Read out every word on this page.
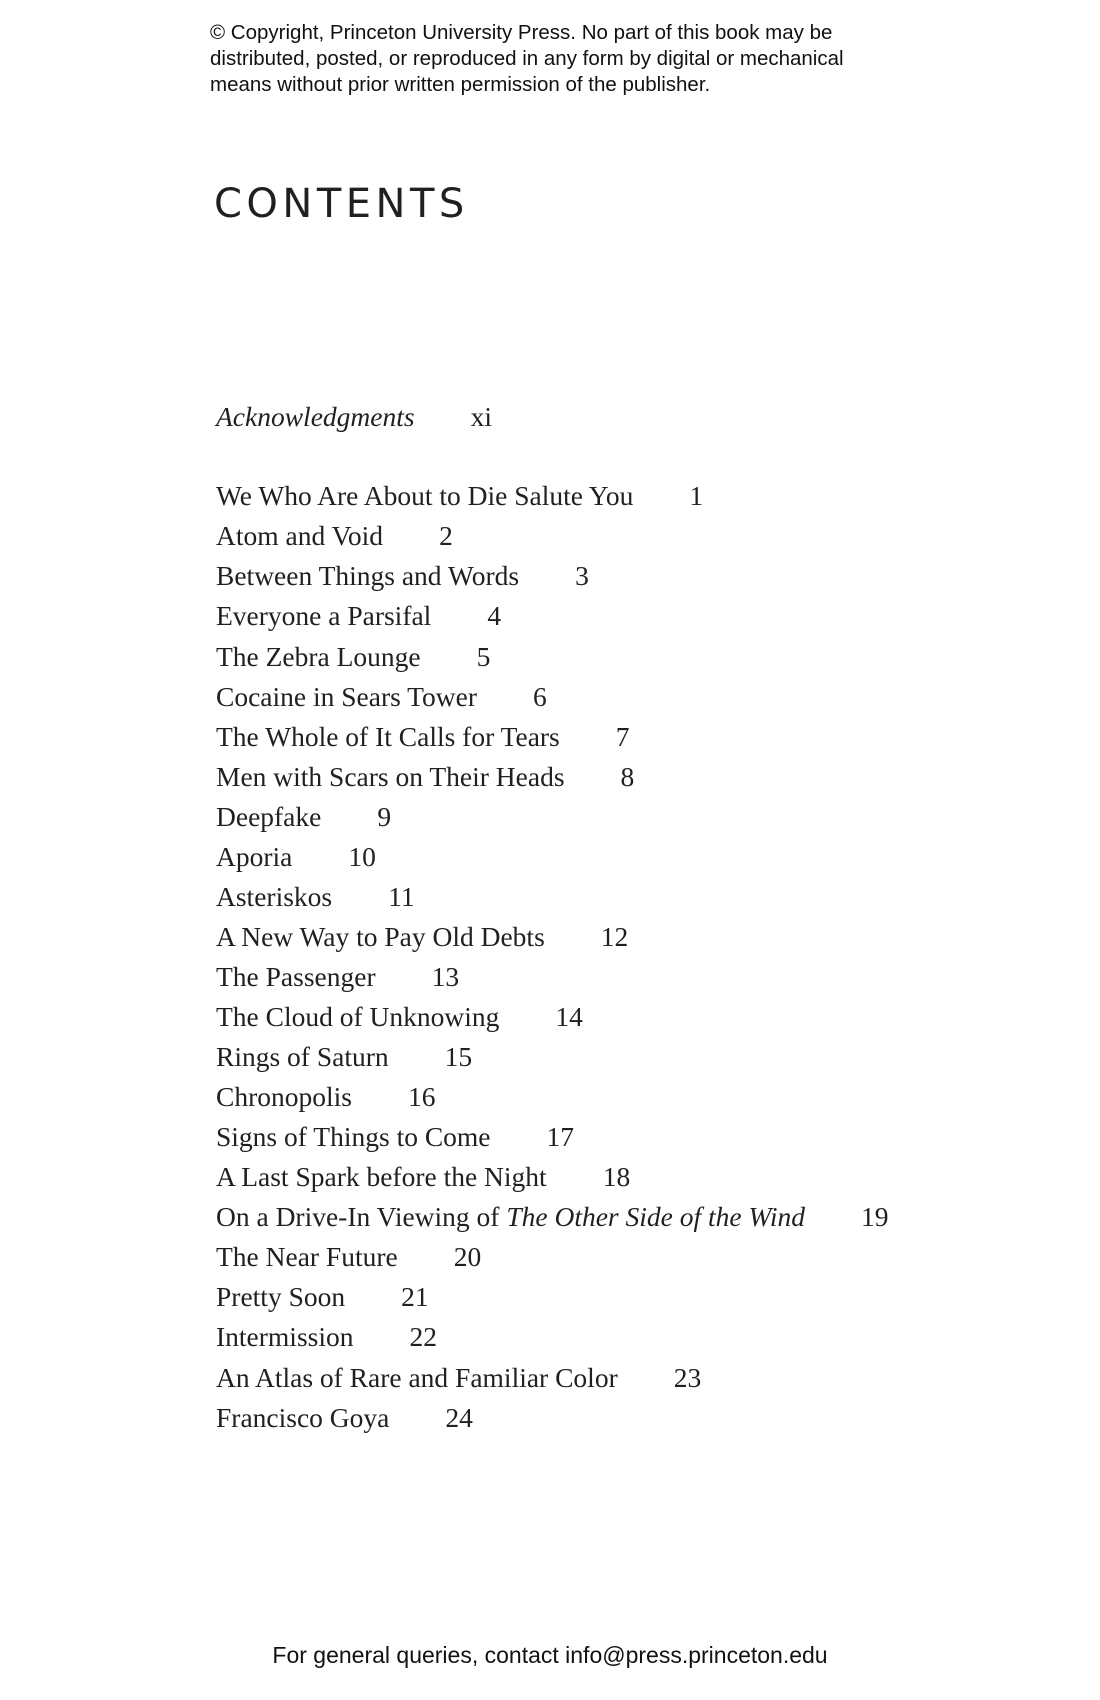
© Copyright, Princeton University Press. No part of this book may be
distributed, posted, or reproduced in any form by digital or mechanical
means without prior written permission of the publisher.
CONTENTS
Acknowledgments xi
We Who Are About to Die Salute You 1
Atom and Void 2
Between Things and Words 3
Everyone a Parsifal 4
The Zebra Lounge 5
Cocaine in Sears Tower 6
The Whole of It Calls for Tears 7
Men with Scars on Their Heads 8
Deepfake 9
Aporia 10
Asteriskos 11
A New Way to Pay Old Debts 12
The Passenger 13
The Cloud of Unknowing 14
Rings of Saturn 15
Chronopolis 16
Signs of Things to Come 17
A Last Spark before the Night 18
On a Drive-In Viewing of The Other Side of the Wind 19
The Near Future 20
Pretty Soon 21
Intermission 22
An Atlas of Rare and Familiar Color 23
Francisco Goya 24
For general queries, contact info@press.princeton.edu
